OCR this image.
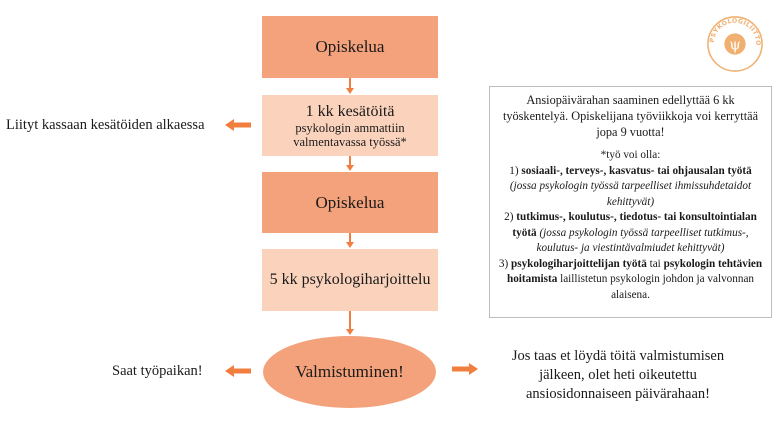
Opiskelua
1 kk kesätöitä
psykologin ammattiin valmentavassa työssä*
Opiskelua
5 kk psykologiharjoittelu
Valmistuminen!
Liityt kassaan kesätöiden alkaessa
Saat työpaikan!
Jos taas et löydä töitä valmistumisen
jälkeen, olet heti oikeutettu
ansiosidonnaiseen päivärahaan!

Ansiopäivärahan saaminen edellyttää 6 kk työskentelyä. Opiskelijana työviikkoja voi kerryttää jopa 9 vuotta!

*työ voi olla:

1) sosiaali-, terveys-, kasvatus- tai ohjausalan työtä (jossa psykologin työssä tarpeelliset ihmissuhdetaidot kehittyvät)

2) tutkimus-, koulutus-, tiedotus- tai konsultointialan työtä (jossa psykologin työssä tarpeelliset tutkimus-, koulutus- ja viestintävalmiudet kehittyvät)

3) psykologiharjoittelijan työtä tai psykologin tehtävien hoitamista laillistetun psykologin johdon ja valvonnan alaisena.

PSYKOLOGILIITTO
ψ
